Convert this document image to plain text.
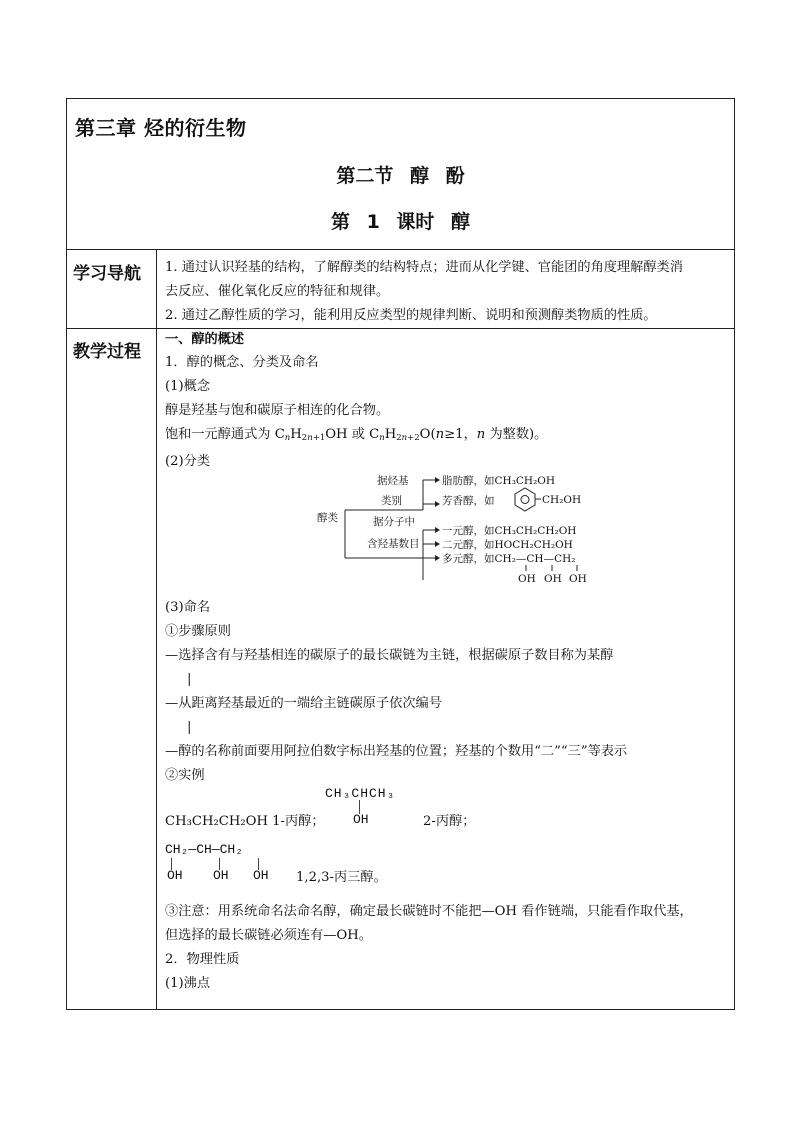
第三章 烃的衍生物
第二节 醇 酚
第 1 课时 醇
学习导航 1. 通过认识羟基的结构，了解醇类的结构特点；进而从化学键、官能团的角度理解醇类消
去反应、催化氧化反应的特征和规律。
2. 通过乙醇性质的学习，能利用反应类型的规律判断、说明和预测醇类物质的性质。
教学过程
一、醇的概述
1．醇的概念、分类及命名
(1)概念
醇是羟基与饱和碳原子相连的化合物。
饱和一元醇通式为 $C_nH_{2n+1}OH$ 或 $C_nH_{2n+2}O(n\ge 1$，n 为整数)。
(2)分类
醇类
据烃基
类别
脂肪醇，如CH₃CH₂OH
芳香醇，如	CH₂OH
据分子中
含羟基数目
一元醇，如CH₃CH₂CH₂OH
二元醇，如HOCH₂CH₂OH
多元醇，如CH₂—CH—CH₂
OH OH OH
(3)命名
①步骤原则
—选择含有与羟基相连的碳原子的最长碳链为主链，根据碳原子数目称为某醇
|
—从距离羟基最近的一端给主链碳原子依次编号
|
—醇的名称前面要用阿拉伯数字标出羟基的位置；羟基的个数用“二”“三”等表示
②实例
CH₃CHCH₃
OH
CH₃CH₂CH₂OH 1-丙醇；	2-丙醇；
CH₂—CH—CH₂
OH OH OH 1,2,3-丙三醇。
③注意：用系统命名法命名醇，确定最长碳链时不能把—OH 看作链端，只能看作取代基，
但选择的最长碳链必须连有—OH。
2．物理性质
(1)沸点
